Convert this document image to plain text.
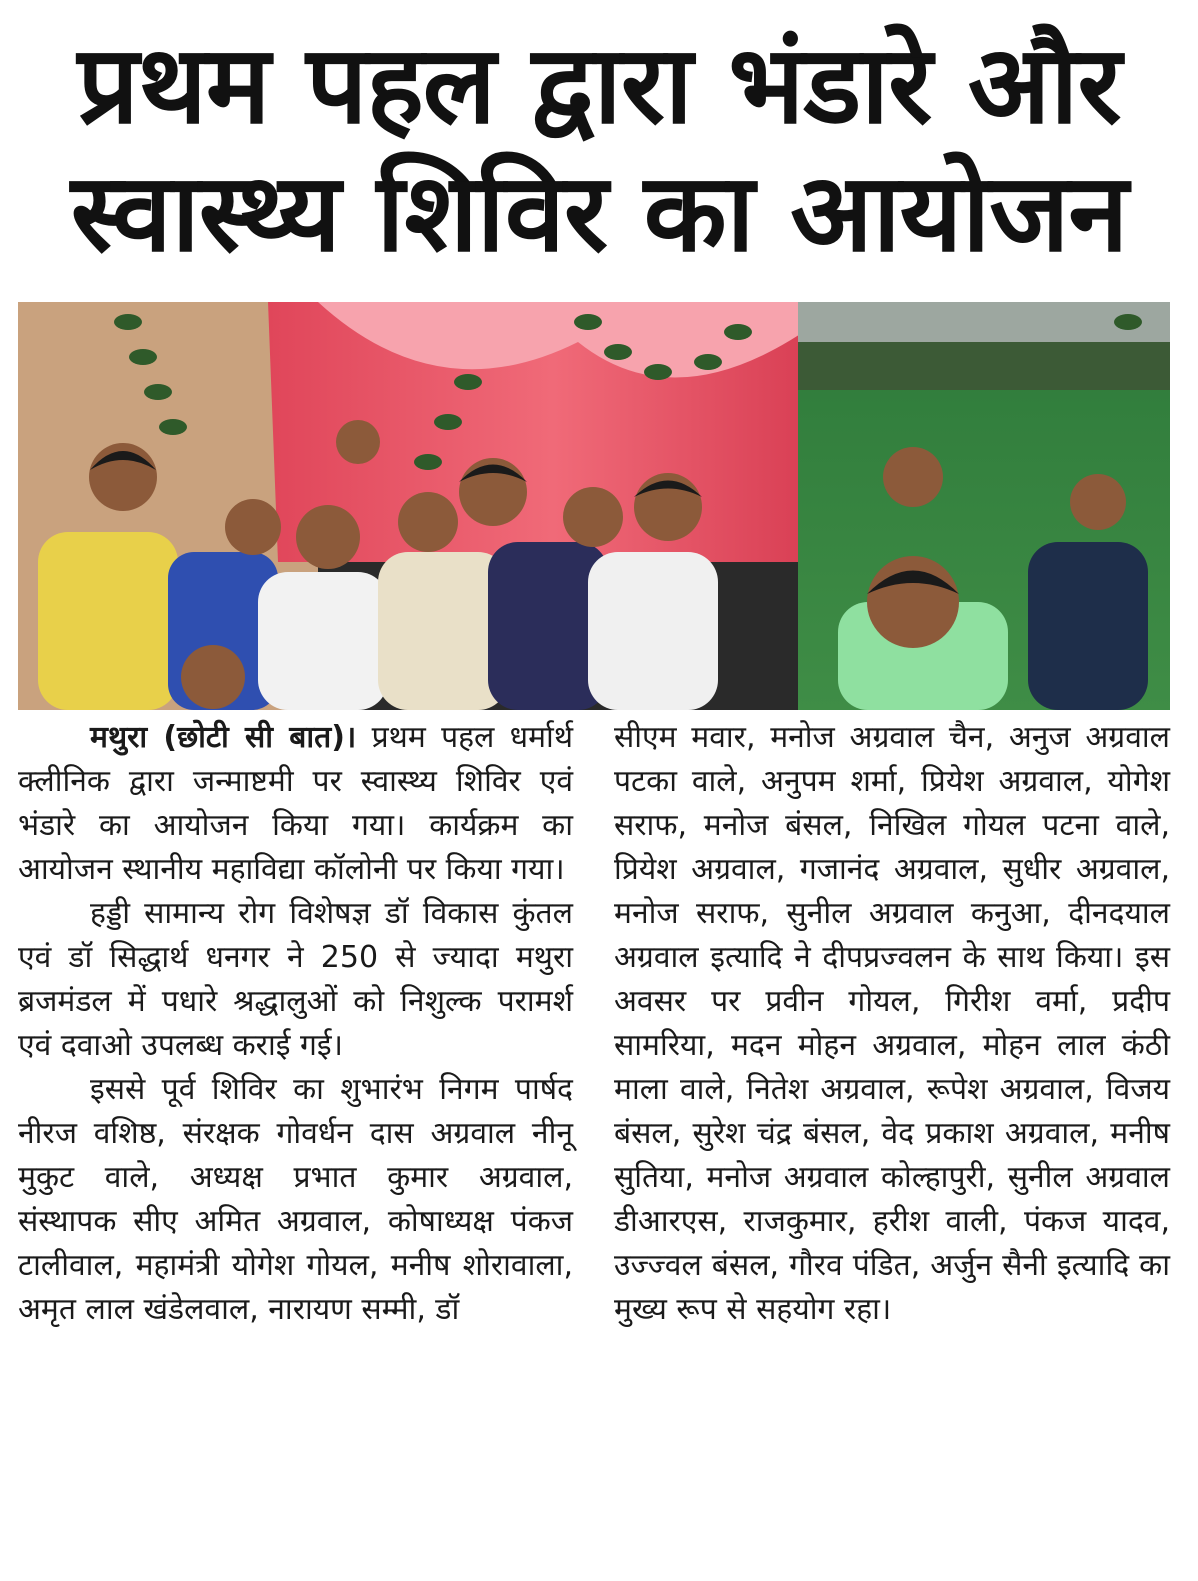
प्रथम पहल द्वारा भंडारे और
स्वास्थ्य शिविर का आयोजन

मथुरा (छोटी सी बात)। प्रथम पहल धर्मार्थ क्लीनिक द्वारा जन्माष्टमी पर स्वास्थ्य शिविर एवं भंडारे का आयोजन किया गया। कार्यक्रम का आयोजन स्थानीय महाविद्या कॉलोनी पर किया गया।

हड्डी सामान्य रोग विशेषज्ञ डॉ विकास कुंतल एवं डॉ सिद्धार्थ धनगर ने 250 से ज्यादा मथुरा ब्रजमंडल में पधारे श्रद्धालुओं को निशुल्क परामर्श एवं दवाओ उपलब्ध कराई गई।

इससे पूर्व शिविर का शुभारंभ निगम पार्षद नीरज वशिष्ठ, संरक्षक गोवर्धन दास अग्रवाल नीनू मुकुट वाले, अध्यक्ष प्रभात कुमार अग्रवाल, संस्थापक सीए अमित अग्रवाल, कोषाध्यक्ष पंकज टालीवाल, महामंत्री योगेश गोयल, मनीष शोरावाला, अमृत लाल खंडेलवाल, नारायण सम्मी, डॉ

सीएम मवार, मनोज अग्रवाल चैन, अनुज अग्रवाल पटका वाले, अनुपम शर्मा, प्रियेश अग्रवाल, योगेश सराफ, मनोज बंसल, निखिल गोयल पटना वाले, प्रियेश अग्रवाल, गजानंद अग्रवाल, सुधीर अग्रवाल, मनोज सराफ, सुनील अग्रवाल कनुआ, दीनदयाल अग्रवाल इत्यादि ने दीपप्रज्वलन के साथ किया। इस अवसर पर प्रवीन गोयल, गिरीश वर्मा, प्रदीप सामरिया, मदन मोहन अग्रवाल, मोहन लाल कंठी माला वाले, नितेश अग्रवाल, रूपेश अग्रवाल, विजय बंसल, सुरेश चंद्र बंसल, वेद प्रकाश अग्रवाल, मनीष सुतिया, मनोज अग्रवाल कोल्हापुरी, सुनील अग्रवाल डीआरएस, राजकुमार, हरीश वाली, पंकज यादव, उज्ज्वल बंसल, गौरव पंडित, अर्जुन सैनी इत्यादि का मुख्य रूप से सहयोग रहा।
